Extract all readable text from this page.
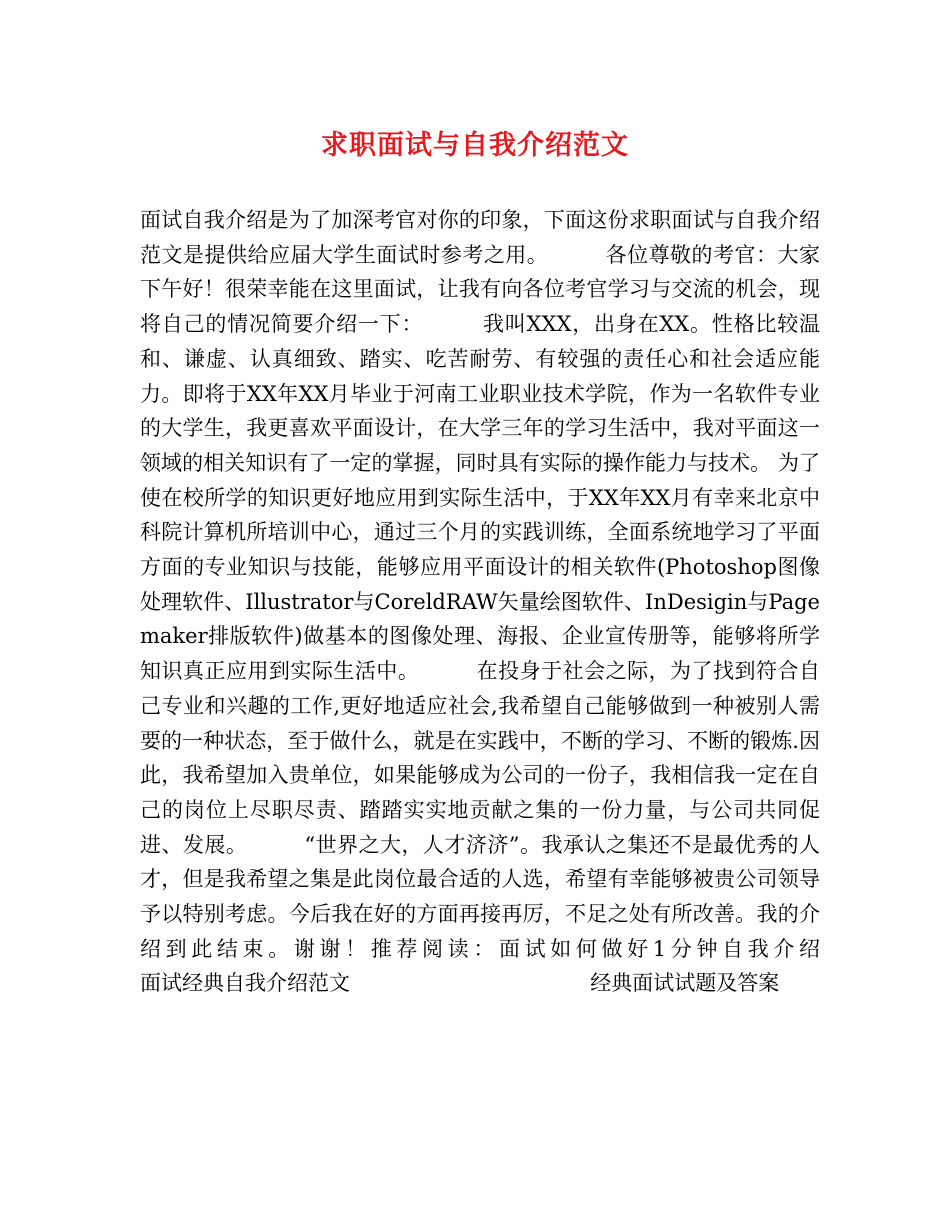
求职面试与自我介绍范文

面试自我介绍是为了加深考官对你的印象，下面这份求职面试与自我介绍范文是提供给应届大学生面试时参考之用。        各位尊敬的考官：大家下午好！很荣幸能在这里面试，让我有向各位考官学习与交流的机会，现将自己的情况简要介绍一下：        我叫XXX，出身在XX。性格比较温和、谦虚、认真细致、踏实、吃苦耐劳、有较强的责任心和社会适应能力。即将于XX年XX月毕业于河南工业职业技术学院，作为一名软件专业的大学生，我更喜欢平面设计，在大学三年的学习生活中，我对平面这一领域的相关知识有了一定的掌握，同时具有实际的操作能力与技术。 为了使在校所学的知识更好地应用到实际生活中，于XX年XX月有幸来北京中科院计算机所培训中心，通过三个月的实践训练，全面系统地学习了平面方面的专业知识与技能，能够应用平面设计的相关软件(Photoshop图像处理软件、Illustrator与CoreldRAW矢量绘图软件、InDesigin与Pagemaker排版软件)做基本的图像处理、海报、企业宣传册等，能够将所学知识真正应用到实际生活中。        在投身于社会之际，为了找到符合自己专业和兴趣的工作,更好地适应社会,我希望自己能够做到一种被别人需要的一种状态，至于做什么，就是在实践中，不断的学习、不断的锻炼.因此，我希望加入贵单位，如果能够成为公司的一份子，我相信我一定在自己的岗位上尽职尽责、踏踏实实地贡献之集的一份力量，与公司共同促进、发展。        “世界之大，人才济济”。我承认之集还不是最优秀的人才，但是我希望之集是此岗位最合适的人选，希望有幸能够被贵公司领导予以特别考虑。今后我在好的方面再接再厉，不足之处有所改善。我的介绍到此结束。谢谢！推荐阅读：面试如何做好1分钟自我介绍                  面试经典自我介绍范文                                    经典面试试题及答案
